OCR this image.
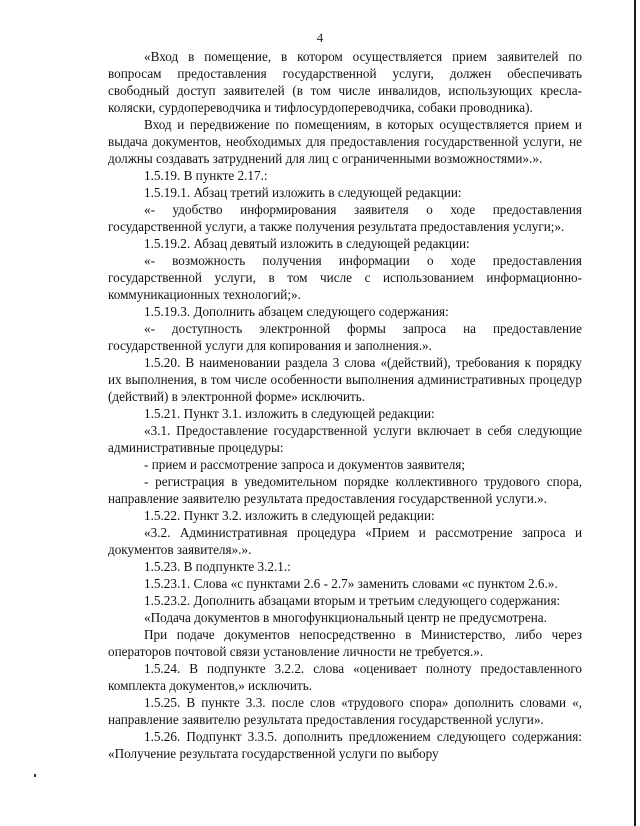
4

«Вход в помещение, в котором осуществляется прием заявителей по вопросам предоставления государственной услуги, должен обеспечивать свободный доступ заявителей (в том числе инвалидов, использующих кресла-коляски, сурдопереводчика и тифлосурдопереводчика, собаки проводника).

Вход и передвижение по помещениям, в которых осуществляется прием и выдача документов, необходимых для предоставления государственной услуги, не должны создавать затруднений для лиц с ограниченными возможностями».».

1.5.19. В пункте 2.17.:

1.5.19.1. Абзац третий изложить в следующей редакции:

«- удобство информирования заявителя о ходе предоставления государственной услуги, а также получения результата предоставления услуги;».

1.5.19.2. Абзац девятый изложить в следующей редакции:

«- возможность получения информации о ходе предоставления государственной услуги, в том числе с использованием информационно-коммуникационных технологий;».

1.5.19.3. Дополнить абзацем следующего содержания:

«- доступность электронной формы запроса на предоставление государственной услуги для копирования и заполнения.».

1.5.20. В наименовании раздела 3 слова «(действий), требования к порядку их выполнения, в том числе особенности выполнения административных процедур (действий) в электронной форме» исключить.

1.5.21. Пункт 3.1. изложить в следующей редакции:

«3.1. Предоставление государственной услуги включает в себя следующие административные процедуры:

- прием и рассмотрение запроса и документов заявителя;

- регистрация в уведомительном порядке коллективного трудового спора, направление заявителю результата предоставления государственной услуги.».

1.5.22. Пункт 3.2. изложить в следующей редакции:

«3.2. Административная процедура «Прием и рассмотрение запроса и документов заявителя».».

1.5.23. В подпункте 3.2.1.:

1.5.23.1. Слова «с пунктами 2.6 - 2.7» заменить словами «с пунктом 2.6.».

1.5.23.2. Дополнить абзацами вторым и третьим следующего содержания:

«Подача документов в многофункциональный центр не предусмотрена.

При подаче документов непосредственно в Министерство, либо через операторов почтовой связи установление личности не требуется.».

1.5.24. В подпункте 3.2.2. слова «оценивает полноту предоставленного комплекта документов,» исключить.

1.5.25. В пункте 3.3. после слов «трудового спора» дополнить словами «, направление заявителю результата предоставления государственной услуги».

1.5.26. Подпункт 3.3.5. дополнить предложением следующего содержания: «Получение результата государственной услуги по выбору
